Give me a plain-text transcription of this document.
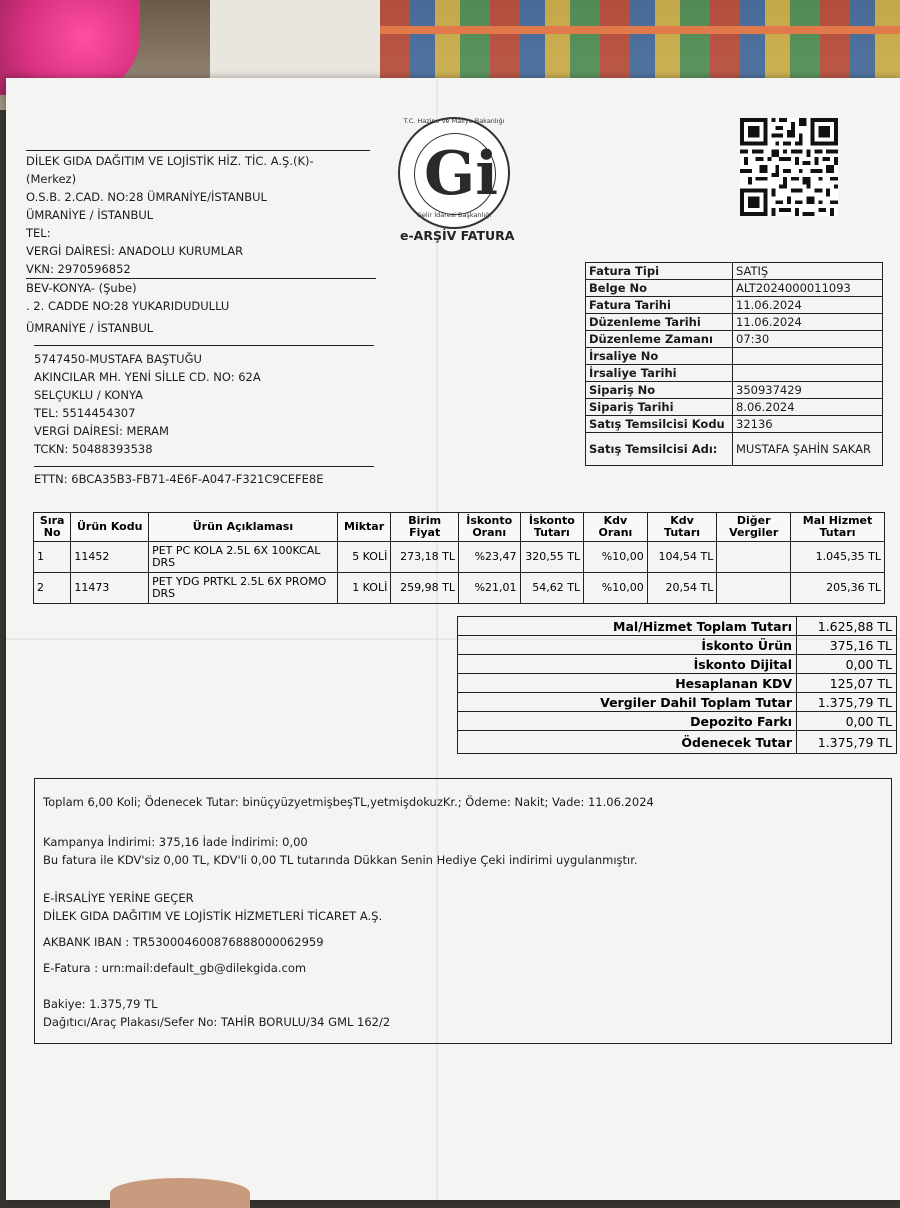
DİLEK GIDA DAĞITIM VE LOJİSTİK HİZ. TİC. A.Ş.(K)-
(Merkez)
O.S.B. 2.CAD. NO:28 ÜMRANİYE/İSTANBUL
ÜMRANİYE / İSTANBUL
TEL:
VERGİ DAİRESİ: ANADOLU KURUMLAR
VKN: 2970596852
BEV-KONYA- (Şube)
. 2. CADDE NO:28 YUKARIDUDULLU
ÜMRANİYE / İSTANBUL
T.C. Hazine ve Maliye Bakanlığı
Gi
Gelir İdaresi Başkanlığı
e-ARŞİV FATURA
Fatura Tipi	SATIŞ
Belge No	ALT2024000011093
Fatura Tarihi	11.06.2024
Düzenleme Tarihi	11.06.2024
Düzenleme Zamanı	07:30
İrsaliye No	
İrsaliye Tarihi	
Sipariş No	350937429
Sipariş Tarihi	8.06.2024
Satış Temsilcisi Kodu	32136
Satış Temsilcisi Adı:	MUSTAFA ŞAHİN SAKAR
5747450-MUSTAFA BAŞTUĞU
AKINCILAR MH. YENİ SİLLE CD. NO: 62A
SELÇUKLU / KONYA
TEL: 5514454307
VERGİ DAİRESİ: MERAM
TCKN: 50488393538
ETTN: 6BCA35B3-FB71-4E6F-A047-F321C9CEFE8E
Sıra No	Ürün Kodu	Ürün Açıklaması	Miktar	Birim Fiyat	İskonto Oranı	İskonto Tutarı	Kdv Oranı	Kdv Tutarı	Diğer Vergiler	Mal Hizmet Tutarı
1	11452	PET PC KOLA 2.5L 6X 100KCAL DRS	5 KOLİ	273,18 TL	%23,47	320,55 TL	%10,00	104,54 TL		1.045,35 TL
2	11473	PET YDG PRTKL 2.5L 6X PROMO DRS	1 KOLİ	259,98 TL	%21,01	54,62 TL	%10,00	20,54 TL		205,36 TL
Mal/Hizmet Toplam Tutarı	1.625,88 TL
İskonto Ürün	375,16 TL
İskonto Dijital	0,00 TL
Hesaplanan KDV	125,07 TL
Vergiler Dahil Toplam Tutar	1.375,79 TL
Depozito Farkı	0,00 TL
Ödenecek Tutar	1.375,79 TL
Toplam 6,00 Koli; Ödenecek Tutar: binüçyüzyetmişbeşTL,yetmişdokuzKr.; Ödeme: Nakit; Vade: 11.06.2024
Kampanya İndirimi: 375,16 İade İndirimi: 0,00
Bu fatura ile KDV'siz 0,00 TL, KDV'li 0,00 TL tutarında Dükkan Senin Hediye Çeki indirimi uygulanmıştır.
E-İRSALİYE YERİNE GEÇER
DİLEK GIDA DAĞITIM VE LOJİSTİK HİZMETLERİ TİCARET A.Ş.
AKBANK IBAN : TR530004600876888000062959
E-Fatura : urn:mail:default_gb@dilekgida.com
Bakiye: 1.375,79 TL
Dağıtıcı/Araç Plakası/Sefer No: TAHİR BORULU/34 GML 162/2
